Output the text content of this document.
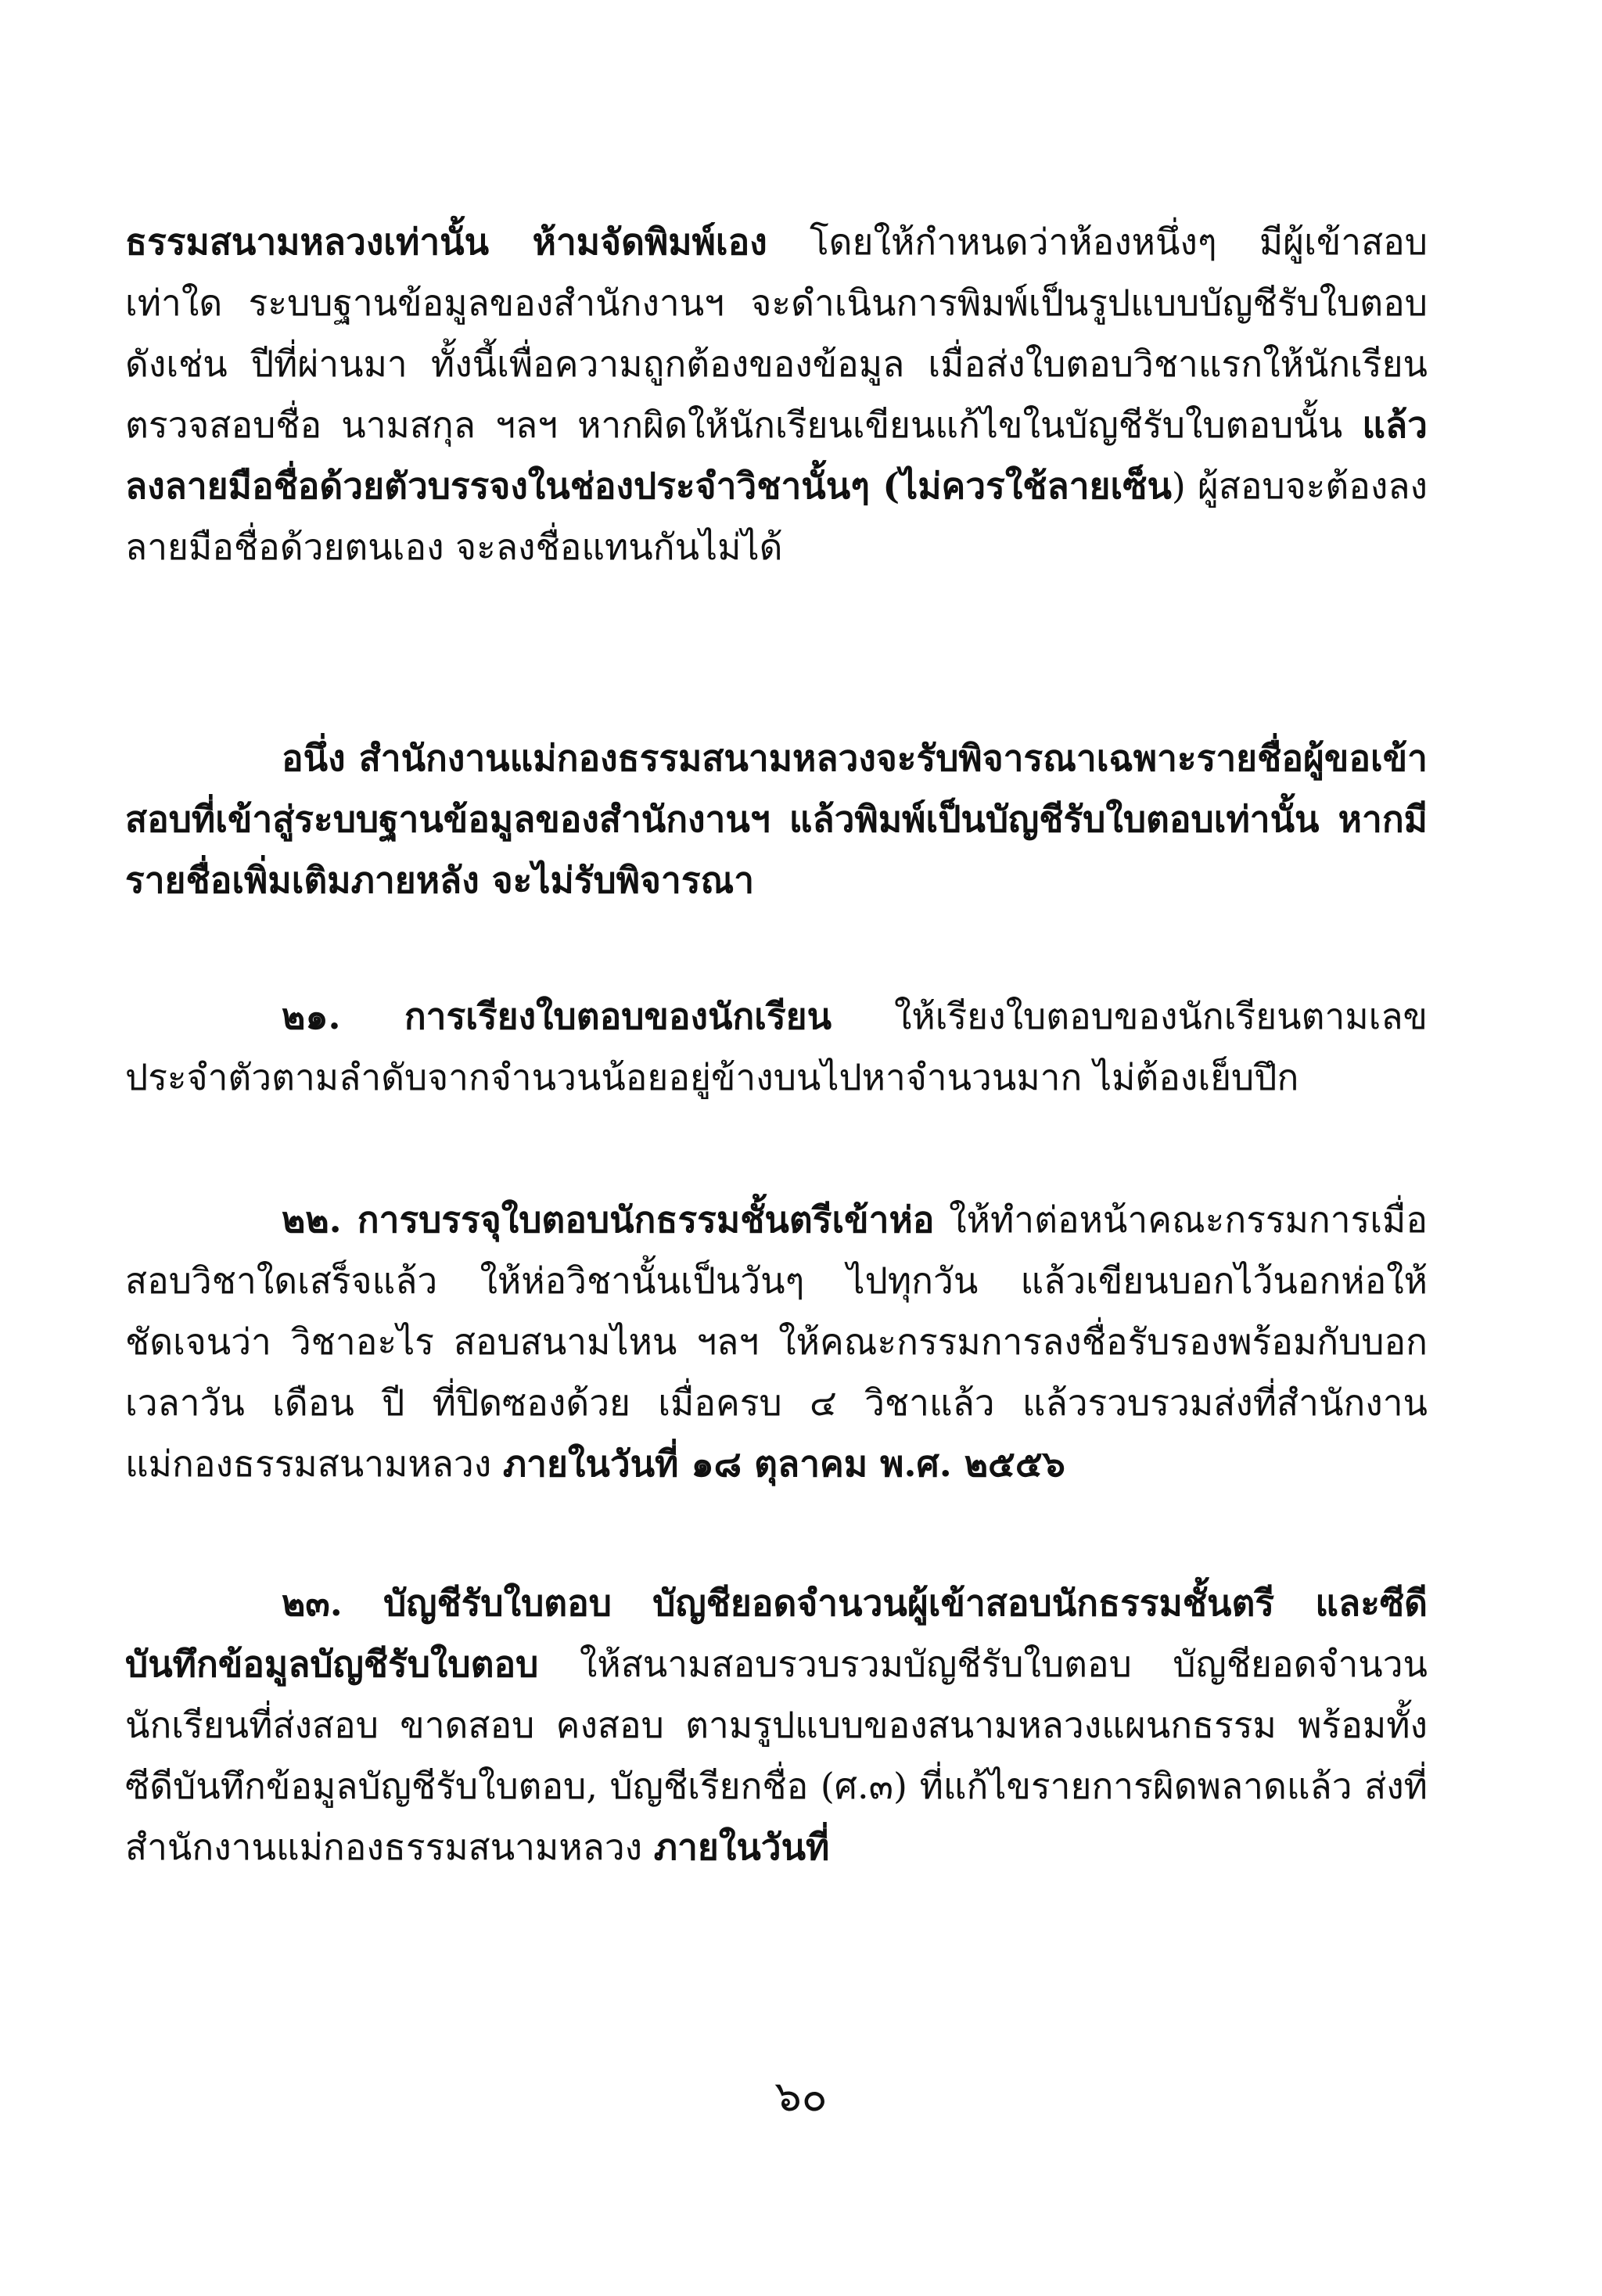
ธรรมสนามหลวงเท่านั้น ห้ามจัดพิมพ์เอง โดยให้กำหนดว่าห้องหนึ่งๆ มีผู้เข้าสอบเท่าใด ระบบฐานข้อมูลของสำนักงานฯ จะดำเนินการพิมพ์เป็นรูปแบบบัญชีรับใบตอบดังเช่น ปีที่ผ่านมา ทั้งนี้เพื่อความถูกต้องของข้อมูล เมื่อส่งใบตอบวิชาแรกให้นักเรียนตรวจสอบชื่อ นามสกุล ฯลฯ หากผิดให้นักเรียนเขียนแก้ไขในบัญชีรับใบตอบนั้น แล้วลงลายมือชื่อด้วยตัวบรรจงในช่องประจำวิชานั้นๆ (ไม่ควรใช้ลายเซ็น) ผู้สอบจะต้องลงลายมือชื่อด้วยตนเอง จะลงชื่อแทนกันไม่ได้

อนึ่ง สำนักงานแม่กองธรรมสนามหลวงจะรับพิจารณาเฉพาะรายชื่อผู้ขอเข้าสอบที่เข้าสู่ระบบฐานข้อมูลของสำนักงานฯ แล้วพิมพ์เป็นบัญชีรับใบตอบเท่านั้น หากมีรายชื่อเพิ่มเติมภายหลัง จะไม่รับพิจารณา

๒๑. การเรียงใบตอบของนักเรียน ให้เรียงใบตอบของนักเรียนตามเลขประจำตัวตามลำดับจากจำนวนน้อยอยู่ข้างบนไปหาจำนวนมาก ไม่ต้องเย็บปึก

๒๒. การบรรจุใบตอบนักธรรมชั้นตรีเข้าห่อ ให้ทำต่อหน้าคณะกรรมการเมื่อสอบวิชาใดเสร็จแล้ว ให้ห่อวิชานั้นเป็นวันๆ ไปทุกวัน แล้วเขียนบอกไว้นอกห่อให้ชัดเจนว่า วิชาอะไร สอบสนามไหน ฯลฯ ให้คณะกรรมการลงชื่อรับรองพร้อมกับบอกเวลาวัน เดือน ปี ที่ปิดซองด้วย เมื่อครบ ๔ วิชาแล้ว แล้วรวบรวมส่งที่สำนักงาน แม่กองธรรมสนามหลวง ภายในวันที่ ๑๘ ตุลาคม พ.ศ. ๒๕๕๖

๒๓. บัญชีรับใบตอบ บัญชียอดจำนวนผู้เข้าสอบนักธรรมชั้นตรี และซีดีบันทึกข้อมูลบัญชีรับใบตอบ ให้สนามสอบรวบรวมบัญชีรับใบตอบ บัญชียอดจำนวนนักเรียนที่ส่งสอบ ขาดสอบ คงสอบ ตามรูปแบบของสนามหลวงแผนกธรรม พร้อมทั้งซีดีบันทึกข้อมูลบัญชีรับใบตอบ, บัญชีเรียกชื่อ (ศ.๓) ที่แก้ไขรายการผิดพลาดแล้ว ส่งที่สำนักงานแม่กองธรรมสนามหลวง ภายในวันที่

๖๐
